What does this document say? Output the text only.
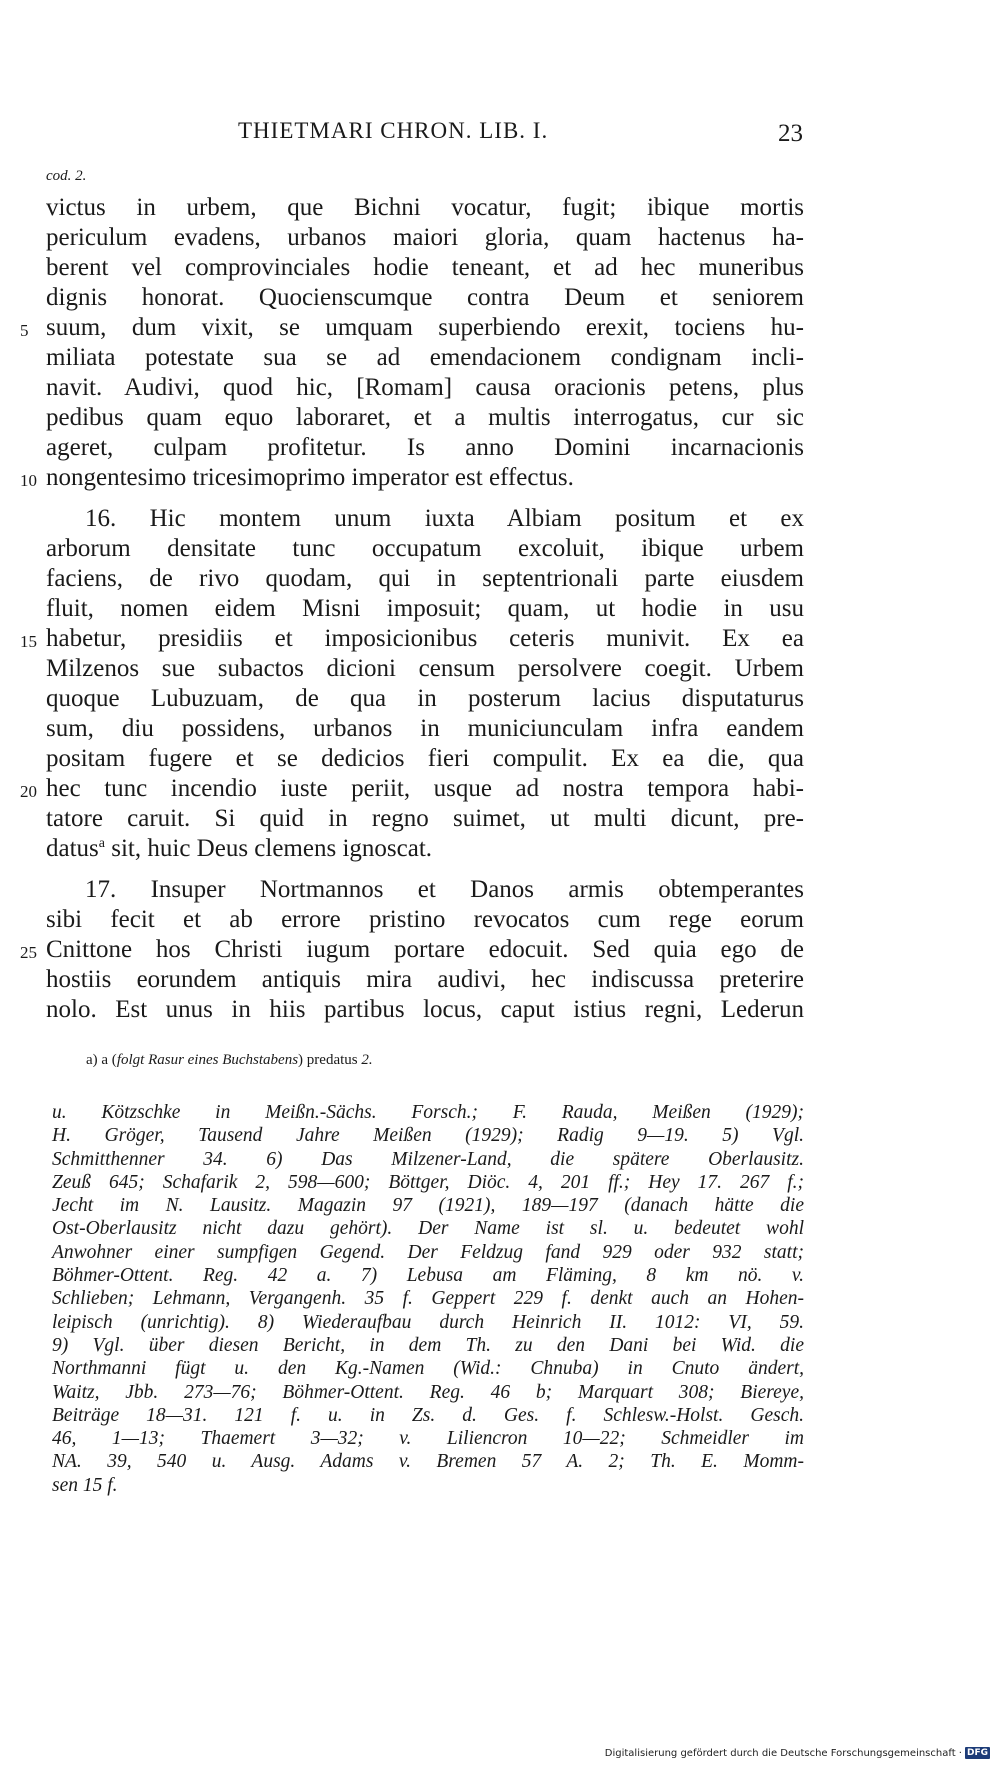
THIETMARI CHRON. LIB. I.	23
cod. 2.
victus in urbem, que Bichni vocatur, fugit; ibique mortis
periculum evadens, urbanos maiori gloria, quam hactenus ha-
berent vel comprovinciales hodie teneant, et ad hec muneribus
dignis honorat. Quocienscumque contra Deum et seniorem
5 suum, dum vixit, se umquam superbiendo erexit, tociens hu-
miliata potestate sua se ad emendacionem condignam incli-
navit. Audivi, quod hic, [Romam] causa oracionis petens, plus
pedibus quam equo laboraret, et a multis interrogatus, cur sic
ageret, culpam profitetur. Is anno Domini incarnacionis
10 nongentesimo tricesimoprimo imperator est effectus.
16. Hic montem unum iuxta Albiam positum et ex
arborum densitate tunc occupatum excoluit, ibique urbem
faciens, de rivo quodam, qui in septentrionali parte eiusdem
fluit, nomen eidem Misni imposuit; quam, ut hodie in usu
15 habetur, presidiis et imposicionibus ceteris munivit. Ex ea
Milzenos sue subactos dicioni censum persolvere coegit. Urbem
quoque Lubuzuam, de qua in posterum lacius disputaturus
sum, diu possidens, urbanos in municiunculam infra eandem
positam fugere et se dedicios fieri compulit. Ex ea die, qua
20 hec tunc incendio iuste periit, usque ad nostra tempora habi-
tatore caruit. Si quid in regno suimet, ut multi dicunt, pre-
datus$^a$ sit, huic Deus clemens ignoscat.
17. Insuper Nortmannos et Danos armis obtemperantes
sibi fecit et ab errore pristino revocatos cum rege eorum
25 Cnittone hos Christi iugum portare edocuit. Sed quia ego de
hostiis eorundem antiquis mira audivi, hec indiscussa preterire
nolo. Est unus in hiis partibus locus, caput istius regni, Lederun
a) a (folgt Rasur eines Buchstabens) predatus 2.
u. Kötzschke in Meißn.-Sächs. Forsch.; F. Rauda, Meißen (1929);
H. Gröger, Tausend Jahre Meißen (1929); Radig 9—19. 5) Vgl.
Schmitthenner 34. 6) Das Milzener-Land, die spätere Oberlausitz.
Zeuß 645; Schafarik 2, 598—600; Böttger, Diöc. 4, 201 ff.; Hey 17. 267 f.;
Jecht im N. Lausitz. Magazin 97 (1921), 189—197 (danach hätte die
Ost-Oberlausitz nicht dazu gehört). Der Name ist sl. u. bedeutet wohl
Anwohner einer sumpfigen Gegend. Der Feldzug fand 929 oder 932 statt;
Böhmer-Ottent. Reg. 42 a. 7) Lebusa am Fläming, 8 km nö. v.
Schlieben; Lehmann, Vergangenh. 35 f. Geppert 229 f. denkt auch an Hohen-
leipisch (unrichtig). 8) Wiederaufbau durch Heinrich II. 1012: VI, 59.
9) Vgl. über diesen Bericht, in dem Th. zu den Dani bei Wid. die
Northmanni fügt u. den Kg.-Namen (Wid.: Chnuba) in Cnuto ändert,
Waitz, Jbb. 273—76; Böhmer-Ottent. Reg. 46 b; Marquart 308; Biereye,
Beiträge 18—31. 121 f. u. in Zs. d. Ges. f. Schlesw.-Holst. Gesch.
46, 1—13; Thaemert 3—32; v. Liliencron 10—22; Schmeidler im
NA. 39, 540 u. Ausg. Adams v. Bremen 57 A. 2; Th. E. Momm-
sen 15 f.
Digitalisierung gefördert durch die Deutsche Forschungsgemeinschaft · DFG
